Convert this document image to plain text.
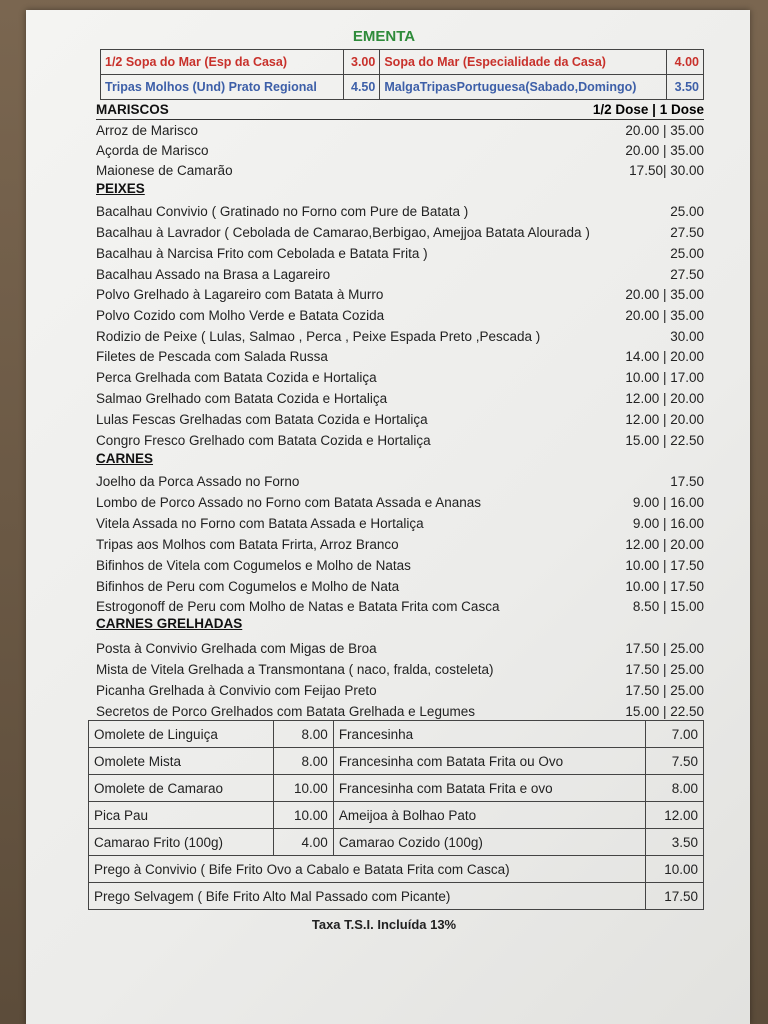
EMENTA
1/2 Sopa do Mar (Esp da Casa)	3.00	Sopa do Mar (Especialidade da Casa)	4.00
Tripas Molhos (Und) Prato Regional	4.50	MalgaTripasPortuguesa(Sabado,Domingo)	3.50
MARISCOS	1/2 Dose | 1 Dose
Arroz de Marisco	20.00 | 35.00
Açorda de Marisco	20.00 | 35.00
Maionese de Camarão	17.50| 30.00
PEIXES
Bacalhau Convivio ( Gratinado no Forno com Pure de Batata )	25.00
Bacalhau à Lavrador ( Cebolada de Camarao,Berbigao, Amejjoa Batata Alourada )	27.50
Bacalhau à Narcisa Frito com Cebolada e Batata Frita )	25.00
Bacalhau Assado na Brasa a Lagareiro	27.50
Polvo Grelhado à Lagareiro com Batata à Murro	20.00 | 35.00
Polvo Cozido com Molho Verde e Batata Cozida	20.00 | 35.00
Rodizio de Peixe ( Lulas, Salmao , Perca , Peixe Espada Preto ,Pescada )	30.00
Filetes de Pescada com Salada Russa	14.00 | 20.00
Perca Grelhada com Batata Cozida e Hortaliça	10.00 | 17.00
Salmao Grelhado com Batata Cozida e Hortaliça	12.00 | 20.00
Lulas Fescas Grelhadas com Batata Cozida e Hortaliça	12.00 | 20.00
Congro Fresco Grelhado com Batata Cozida e Hortaliça	15.00 | 22.50
CARNES
Joelho da Porca Assado no Forno	17.50
Lombo de Porco Assado no Forno com Batata Assada e Ananas	9.00 | 16.00
Vitela Assada no Forno com Batata Assada e Hortaliça	9.00 | 16.00
Tripas aos Molhos com Batata Frirta, Arroz Branco	12.00 | 20.00
Bifinhos de Vitela com Cogumelos e Molho de Natas	10.00 | 17.50
Bifinhos de Peru com Cogumelos e Molho de Nata	10.00 | 17.50
Estrogonoff de Peru com Molho de Natas e Batata Frita com Casca	8.50 | 15.00
CARNES GRELHADAS
Posta à Convivio Grelhada com Migas de Broa	17.50 | 25.00
Mista de Vitela Grelhada a Transmontana ( naco, fralda, costeleta)	17.50 | 25.00
Picanha Grelhada à Convivio com Feijao Preto	17.50 | 25.00
Secretos de Porco Grelhados com Batata Grelhada e Legumes	15.00 | 22.50
Omolete de Linguiça	8.00	Francesinha	7.00
Omolete Mista	8.00	Francesinha com Batata Frita ou Ovo	7.50
Omolete de Camarao	10.00	Francesinha com Batata Frita e ovo	8.00
Pica Pau	10.00	Ameijoa à Bolhao Pato	12.00
Camarao Frito (100g)	4.00	Camarao Cozido (100g)	3.50
Prego à Convivio ( Bife Frito Ovo a Cabalo e Batata Frita com Casca)			10.00
Prego Selvagem ( Bife Frito Alto Mal Passado com Picante)			17.50
Taxa T.S.I. Incluída 13%
